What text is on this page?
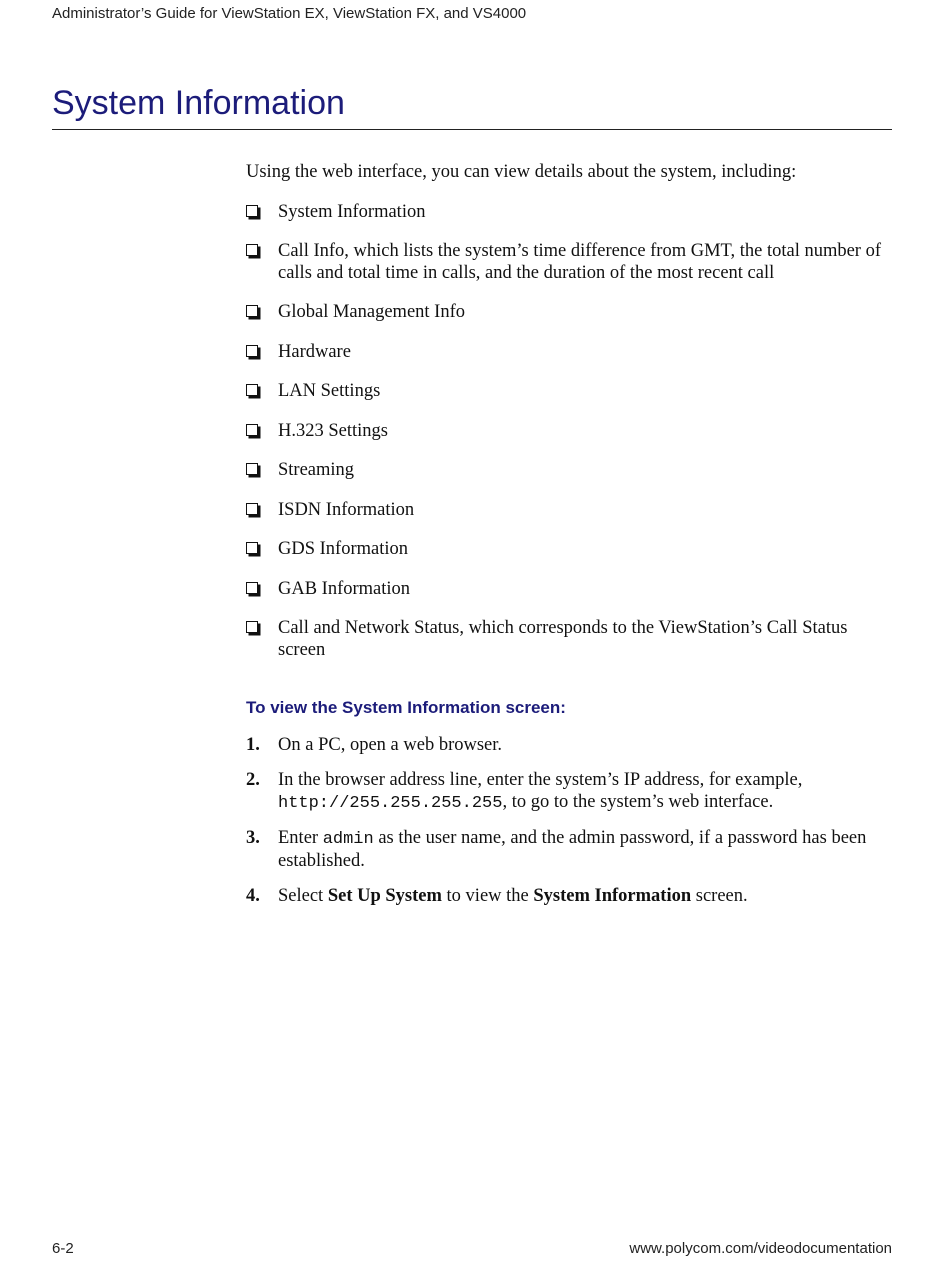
Administrator’s Guide for ViewStation EX, ViewStation FX, and VS4000
System Information

Using the web interface, you can view details about the system, including:

System Information
Call Info, which lists the system’s time difference from GMT, the total number of calls and total time in calls, and the duration of the most recent call
Global Management Info
Hardware
LAN Settings
H.323 Settings
Streaming
ISDN Information
GDS Information
GAB Information
Call and Network Status, which corresponds to the ViewStation’s Call Status screen
To view the System Information screen:
1. On a PC, open a web browser.
2. In the browser address line, enter the system’s IP address, for example, http://255.255.255.255, to go to the system’s web interface.
3. Enter admin as the user name, and the admin password, if a password has been established.
4. Select Set Up System to view the System Information screen.
6-2	www.polycom.com/videodocumentation
